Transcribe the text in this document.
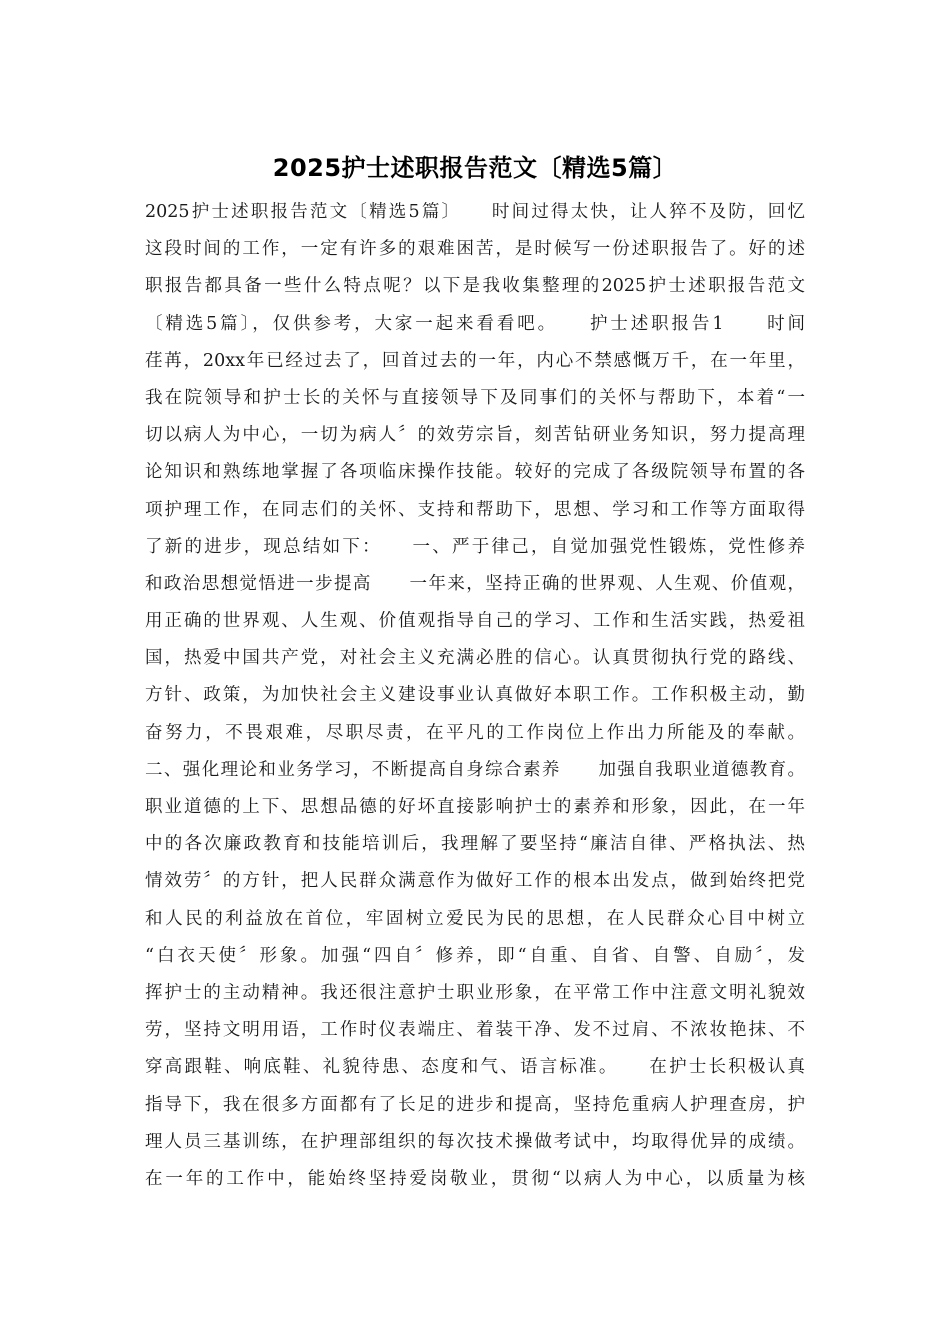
2025护士述职报告范文〔精选5篇〕
2025护士述职报告范文〔精选5篇〕　　时间过得太快，让人猝不及防，回忆
这段时间的工作，一定有许多的艰难困苦，是时候写一份述职报告了。好的述
职报告都具备一些什么特点呢？以下是我收集整理的2025护士述职报告范文
〔精选5篇〕，仅供参考，大家一起来看看吧。　　护士述职报告1　　时间
荏苒，20xx年已经过去了，回首过去的一年，内心不禁感慨万千，在一年里，
我在院领导和护士长的关怀与直接领导下及同事们的关怀与帮助下，本着“一
切以病人为中心，一切为病人〞的效劳宗旨，刻苦钻研业务知识，努力提高理
论知识和熟练地掌握了各项临床操作技能。较好的完成了各级院领导布置的各
项护理工作，在同志们的关怀、支持和帮助下，思想、学习和工作等方面取得
了新的进步，现总结如下：　　一、严于律己，自觉加强党性锻炼，党性修养
和政治思想觉悟进一步提高　　一年来，坚持正确的世界观、人生观、价值观，
用正确的世界观、人生观、价值观指导自己的学习、工作和生活实践，热爱祖
国，热爱中国共产党，对社会主义充满必胜的信心。认真贯彻执行党的路线、
方针、政策，为加快社会主义建设事业认真做好本职工作。工作积极主动，勤
奋努力，不畏艰难，尽职尽责，在平凡的工作岗位上作出力所能及的奉献。
二、强化理论和业务学习，不断提高自身综合素养　　加强自我职业道德教育。
职业道德的上下、思想品德的好坏直接影响护士的素养和形象，因此，在一年
中的各次廉政教育和技能培训后，我理解了要坚持“廉洁自律、严格执法、热
情效劳〞的方针，把人民群众满意作为做好工作的根本出发点，做到始终把党
和人民的利益放在首位，牢固树立爱民为民的思想，在人民群众心目中树立
“白衣天使〞形象。加强“四自〞修养，即“自重、自省、自警、自励〞，发
挥护士的主动精神。我还很注意护士职业形象，在平常工作中注意文明礼貌效
劳，坚持文明用语，工作时仪表端庄、着装干净、发不过肩、不浓妆艳抹、不
穿高跟鞋、响底鞋、礼貌待患、态度和气、语言标准。　　在护士长积极认真
指导下，我在很多方面都有了长足的进步和提高，坚持危重病人护理查房，护
理人员三基训练，在护理部组织的每次技术操做考试中，均取得优异的成绩。
在一年的工作中，能始终坚持爱岗敬业，贯彻“以病人为中心，以质量为核
